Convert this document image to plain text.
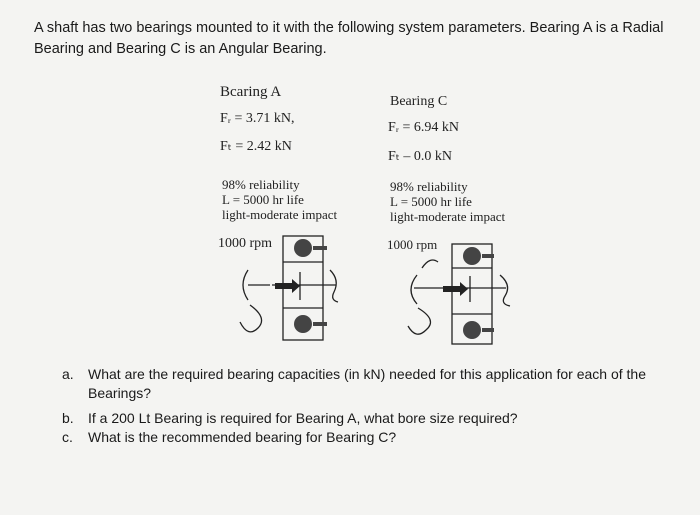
A shaft has two bearings mounted to it with the following system parameters. Bearing A is a Radial Bearing and Bearing C is an Angular Bearing.
Bcaring A
Fᵣ = 3.71 kN,
Fₜ = 2.42 kN
98% reliability
L = 5000 hr life
light-moderate impact
1000 rpm
Bearing C
Fᵣ = 6.94 kN
Fₜ – 0.0 kN
98% reliability
L = 5000 hr life
light-moderate impact
1000 rpm
a. What are the required bearing capacities (in kN) needed for this application for each of the Bearings?
b. If a 200 Lt Bearing is required for Bearing A, what bore size required?
c. What is the recommended bearing for Bearing C?
